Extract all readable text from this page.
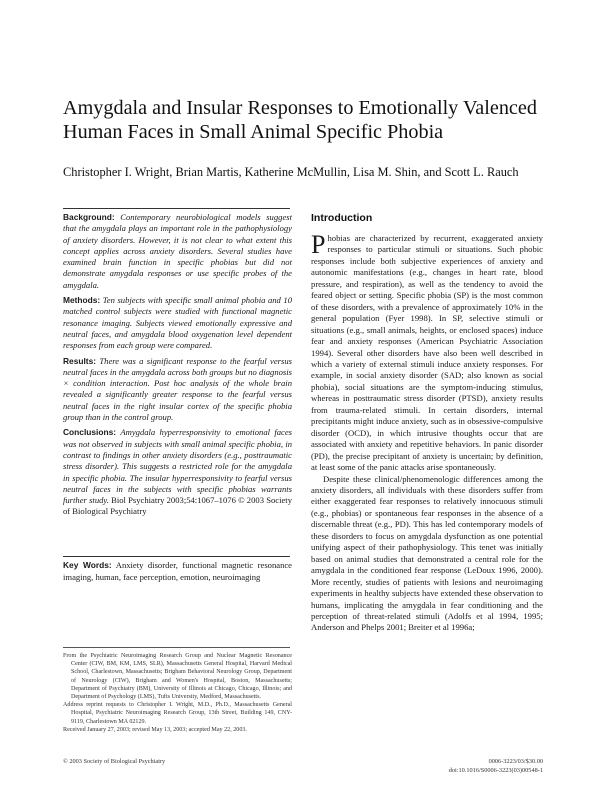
Amygdala and Insular Responses to Emotionally Valenced Human Faces in Small Animal Specific Phobia
Christopher I. Wright, Brian Martis, Katherine McMullin, Lisa M. Shin, and Scott L. Rauch

Background: Contemporary neurobiological models suggest that the amygdala plays an important role in the pathophysiology of anxiety disorders. However, it is not clear to what extent this concept applies across anxiety disorders. Several studies have examined brain function in specific phobias but did not demonstrate amygdala responses or use specific probes of the amygdala.

Methods: Ten subjects with specific small animal phobia and 10 matched control subjects were studied with functional magnetic resonance imaging. Subjects viewed emotionally expressive and neutral faces, and amygdala blood oxygenation level dependent responses from each group were compared.

Results: There was a significant response to the fearful versus neutral faces in the amygdala across both groups but no diagnosis × condition interaction. Post hoc analysis of the whole brain revealed a significantly greater response to the fearful versus neutral faces in the right insular cortex of the specific phobia group than in the control group.

Conclusions: Amygdala hyperresponsivity to emotional faces was not observed in subjects with small animal specific phobia, in contrast to findings in other anxiety disorders (e.g., posttraumatic stress disorder). This suggests a restricted role for the amygdala in specific phobia. The insular hyperresponsivity to fearful versus neutral faces in the subjects with specific phobias warrants further study. Biol Psychiatry 2003;54:1067–1076 © 2003 Society of Biological Psychiatry

Key Words: Anxiety disorder, functional magnetic resonance imaging, human, face perception, emotion, neuroimaging

From the Psychiatric Neuroimaging Research Group and Nuclear Magnetic Resonance Center (CIW, BM, KM, LMS, SLR), Massachusetts General Hospital, Harvard Medical School, Charlestown, Massachusetts; Brigham Behavioral Neurology Group, Department of Neurology (CIW), Brigham and Women's Hospital, Boston, Massachusetts; Department of Psychiatry (BM), University of Illinois at Chicago, Chicago, Illinois; and Department of Psychology (LMS), Tufts University, Medford, Massachusetts.

Address reprint requests to Christopher I. Wright, M.D., Ph.D., Massachusetts General Hospital, Psychiatric Neuroimaging Research Group, 13th Street, Building 149, CNY-9119, Charlestown MA 02129.

Received January 27, 2003; revised May 13, 2003; accepted May 22, 2003.

Introduction

Phobias are characterized by recurrent, exaggerated anxiety responses to particular stimuli or situations. Such phobic responses include both subjective experiences of anxiety and autonomic manifestations (e.g., changes in heart rate, blood pressure, and respiration), as well as the tendency to avoid the feared object or setting. Specific phobia (SP) is the most common of these disorders, with a prevalence of approximately 10% in the general population (Fyer 1998). In SP, selective stimuli or situations (e.g., small animals, heights, or enclosed spaces) induce fear and anxiety responses (American Psychiatric Association 1994). Several other disorders have also been well described in which a variety of external stimuli induce anxiety responses. For example, in social anxiety disorder (SAD; also known as social phobia), social situations are the symptom-inducing stimulus, whereas in posttraumatic stress disorder (PTSD), anxiety results from trauma-related stimuli. In certain disorders, internal precipitants might induce anxiety, such as in obsessive-compulsive disorder (OCD), in which intrusive thoughts occur that are associated with anxiety and repetitive behaviors. In panic disorder (PD), the precise precipitant of anxiety is uncertain; by definition, at least some of the panic attacks arise spontaneously.

Despite these clinical/phenomenologic differences among the anxiety disorders, all individuals with these disorders suffer from either exaggerated fear responses to relatively innocuous stimuli (e.g., phobias) or spontaneous fear responses in the absence of a discernable threat (e.g., PD). This has led contemporary models of these disorders to focus on amygdala dysfunction as one potential unifying aspect of their pathophysiology. This tenet was initially based on animal studies that demonstrated a central role for the amygdala in the conditioned fear response (LeDoux 1996, 2000). More recently, studies of patients with lesions and neuroimaging experiments in healthy subjects have extended these observation to humans, implicating the amygdala in fear conditioning and the perception of threat-related stimuli (Adolfs et al 1994, 1995; Anderson and Phelps 2001; Breiter et al 1996a;

© 2003 Society of Biological Psychiatry	0006-3223/03/$30.00
doi:10.1016/S0006-3223(03)00548-1
